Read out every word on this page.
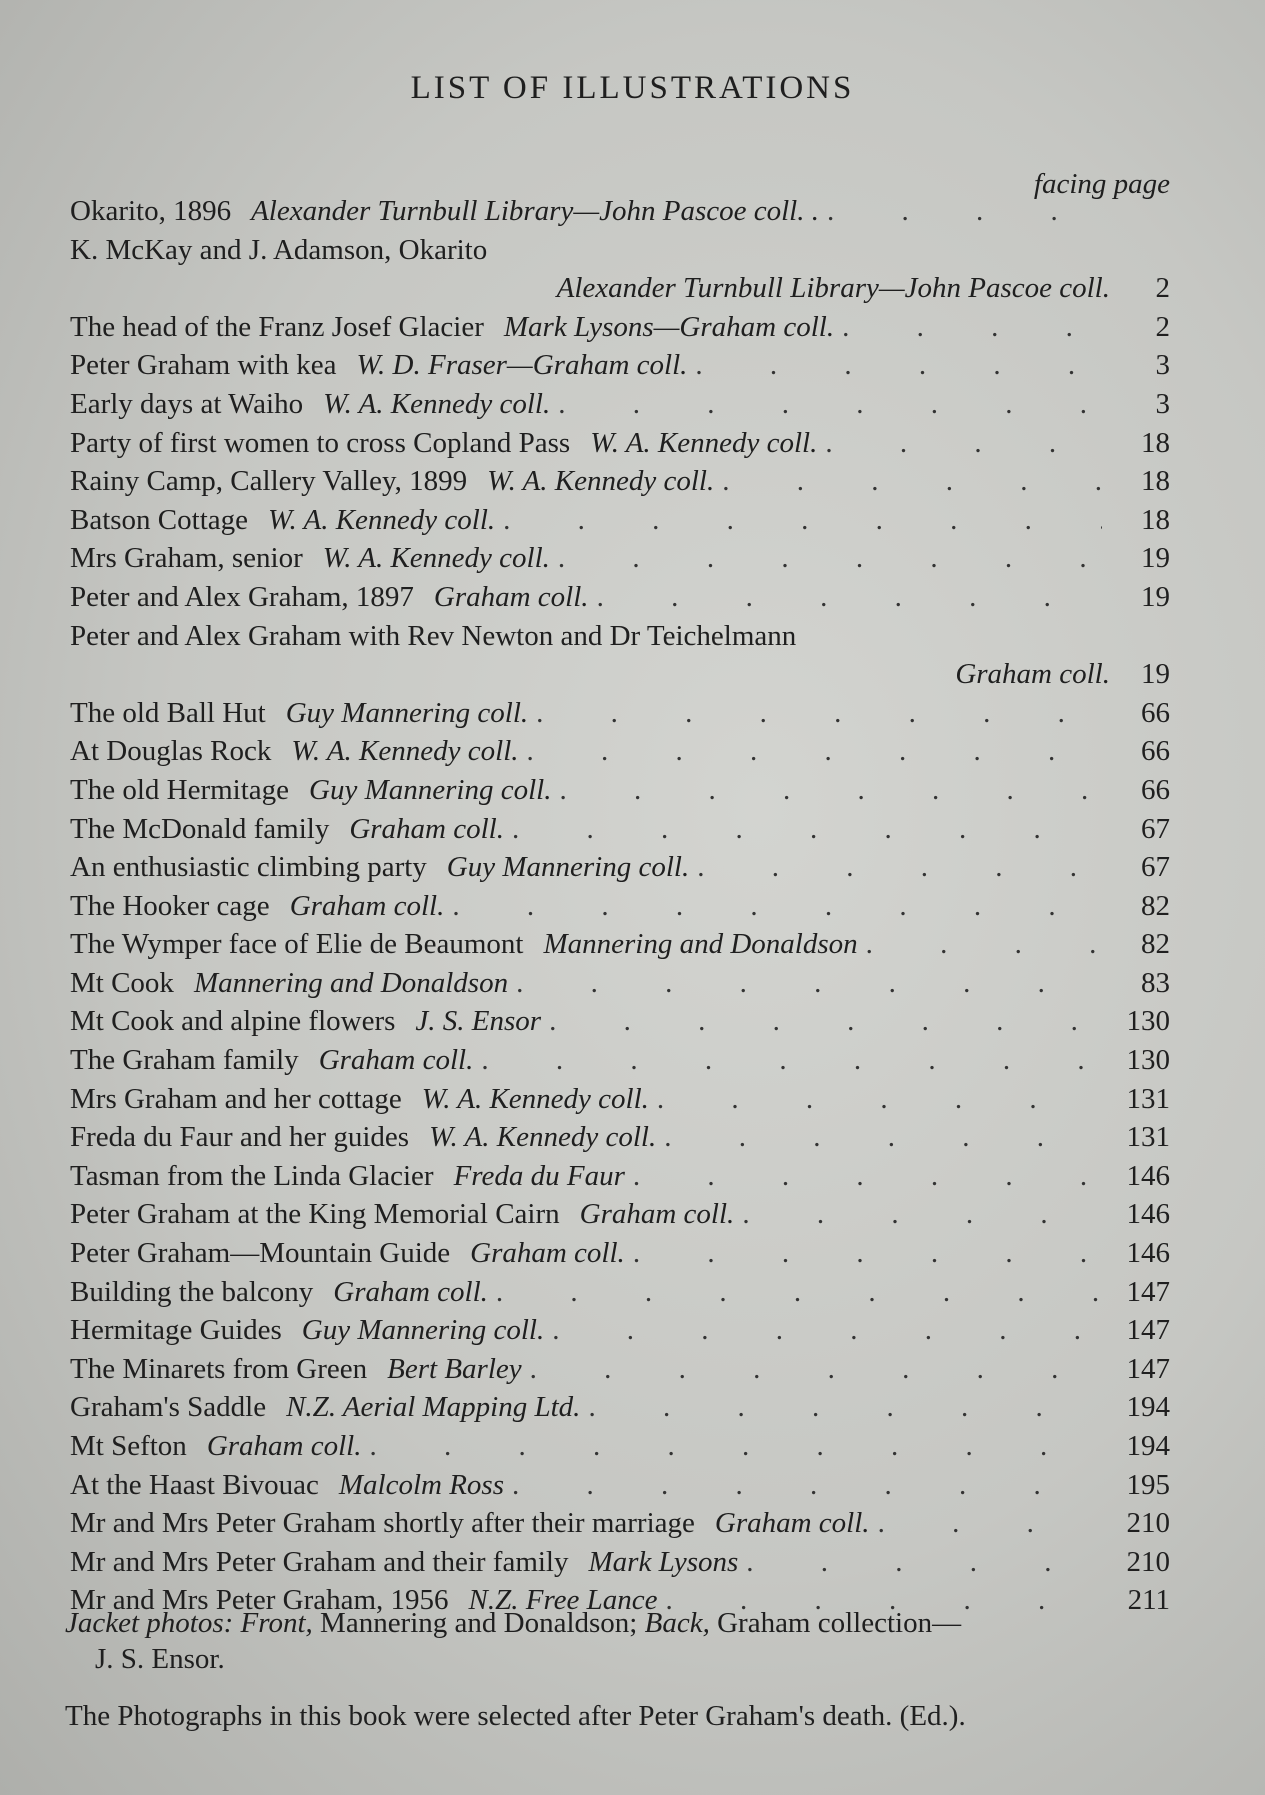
LIST OF ILLUSTRATIONS
facing page
Okarito, 1896 Alexander Turnbull Library—John Pascoe coll. .
. . .
K. McKay and J. Adamson, Okarito
Alexander Turnbull Library—John Pascoe coll.	2
The head of the Franz Josef Glacier Mark Lysons—Graham coll. . . .	2
Peter Graham with kea W. D. Fraser—Graham coll. . . .	3
Early days at Waiho W. A. Kennedy coll. . . .	3
Party of first women to cross Copland Pass W. A. Kennedy coll. . . .	18
Rainy Camp, Callery Valley, 1899 W. A. Kennedy coll. . . .	18
Batson Cottage W. A. Kennedy coll. . . .	18
Mrs Graham, senior W. A. Kennedy coll. . . .	19
Peter and Alex Graham, 1897 Graham coll. . . .	19
Peter and Alex Graham with Rev Newton and Dr Teichelmann
Graham coll.	19
The old Ball Hut Guy Mannering coll. . . .	66
At Douglas Rock W. A. Kennedy coll. . . .	66
The old Hermitage Guy Mannering coll. . . .	66
The McDonald family Graham coll. . . .	67
An enthusiastic climbing party Guy Mannering coll. . . .	67
The Hooker cage Graham coll. . . .	82
The Wymper face of Elie de Beaumont Mannering and Donaldson . . .	82
Mt Cook Mannering and Donaldson . . .	83
Mt Cook and alpine flowers J. S. Ensor . . .	130
The Graham family Graham coll. . . .	130
Mrs Graham and her cottage W. A. Kennedy coll. . . .	131
Freda du Faur and her guides W. A. Kennedy coll. . . .	131
Tasman from the Linda Glacier Freda du Faur . . .	146
Peter Graham at the King Memorial Cairn Graham coll. . . .	146
Peter Graham—Mountain Guide Graham coll. . . .	146
Building the balcony Graham coll. . . .	147
Hermitage Guides Guy Mannering coll. . . .	147
The Minarets from Green Bert Barley . . .	147
Graham's Saddle N.Z. Aerial Mapping Ltd. . . .	194
Mt Sefton Graham coll. . . .	194
At the Haast Bivouac Malcolm Ross . . .	195
Mr and Mrs Peter Graham shortly after their marriage Graham coll. . . .	210
Mr and Mrs Peter Graham and their family Mark Lysons . . .	210
Mr and Mrs Peter Graham, 1956 N.Z. Free Lance . . .	211
Jacket photos: Front, Mannering and Donaldson; Back, Graham collection—
J. S. Ensor.
The Photographs in this book were selected after Peter Graham's death. (Ed.).
